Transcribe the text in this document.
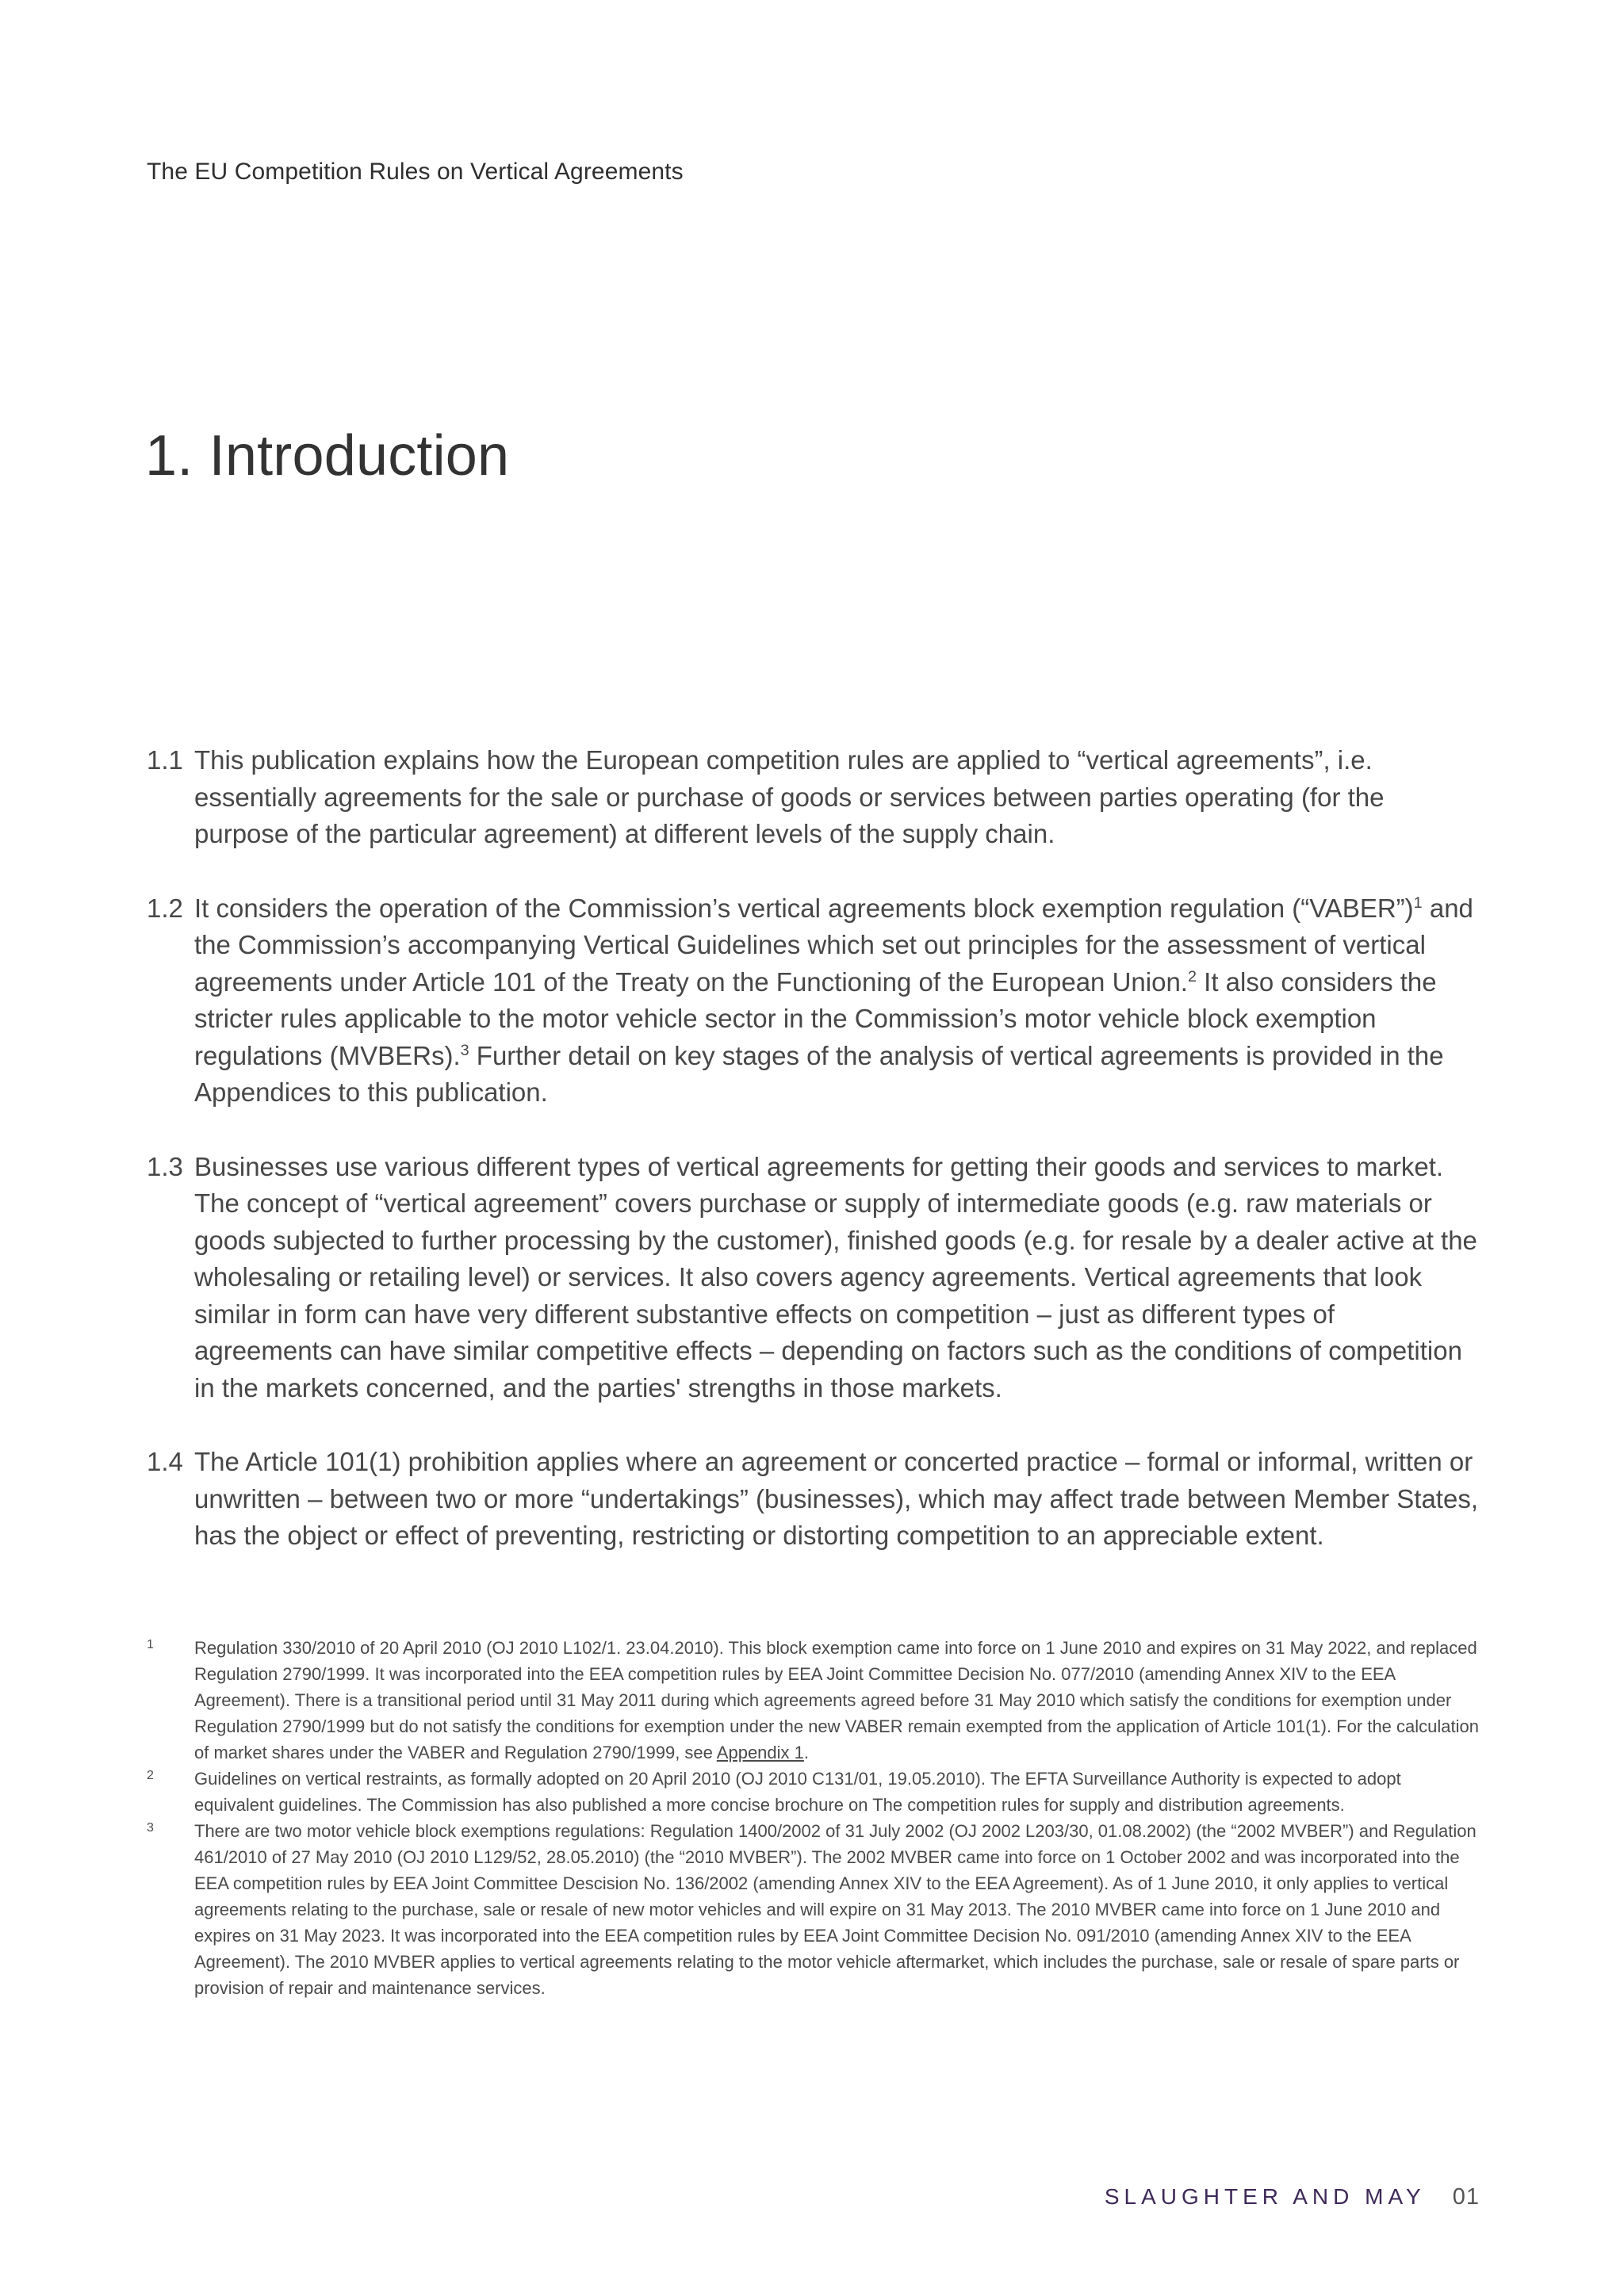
The EU Competition Rules on Vertical Agreements
1. Introduction

1.1 This publication explains how the European competition rules are applied to “vertical agreements”, i.e. essentially agreements for the sale or purchase of goods or services between parties operating (for the purpose of the particular agreement) at different levels of the supply chain.

1.2 It considers the operation of the Commission’s vertical agreements block exemption regulation (“VABER”)$^1$ and the Commission’s accompanying Vertical Guidelines which set out principles for the assessment of vertical agreements under Article 101 of the Treaty on the Functioning of the European Union.$^2$ It also considers the stricter rules applicable to the motor vehicle sector in the Commission’s motor vehicle block exemption regulations (MVBERs).$^3$ Further detail on key stages of the analysis of vertical agreements is provided in the Appendices to this publication.

1.3 Businesses use various different types of vertical agreements for getting their goods and services to market. The concept of “vertical agreement” covers purchase or supply of intermediate goods (e.g. raw materials or goods subjected to further processing by the customer), finished goods (e.g. for resale by a dealer active at the wholesaling or retailing level) or services. It also covers agency agreements. Vertical agreements that look similar in form can have very different substantive effects on competition – just as different types of agreements can have similar competitive effects – depending on factors such as the conditions of competition in the markets concerned, and the parties' strengths in those markets.

1.4 The Article 101(1) prohibition applies where an agreement or concerted practice – formal or informal, written or unwritten – between two or more “undertakings” (businesses), which may affect trade between Member States, has the object or effect of preventing, restricting or distorting competition to an appreciable extent.

1 Regulation 330/2010 of 20 April 2010 (OJ 2010 L102/1. 23.04.2010). This block exemption came into force on 1 June 2010 and expires on 31 May 2022, and replaced Regulation 2790/1999. It was incorporated into the EEA competition rules by EEA Joint Committee Decision No. 077/2010 (amending Annex XIV to the EEA Agreement). There is a transitional period until 31 May 2011 during which agreements agreed before 31 May 2010 which satisfy the conditions for exemption under Regulation 2790/1999 but do not satisfy the conditions for exemption under the new VABER remain exempted from the application of Article 101(1). For the calculation of market shares under the VABER and Regulation 2790/1999, see Appendix 1.

2 Guidelines on vertical restraints, as formally adopted on 20 April 2010 (OJ 2010 C131/01, 19.05.2010). The EFTA Surveillance Authority is expected to adopt equivalent guidelines. The Commission has also published a more concise brochure on The competition rules for supply and distribution agreements.

3 There are two motor vehicle block exemptions regulations: Regulation 1400/2002 of 31 July 2002 (OJ 2002 L203/30, 01.08.2002) (the “2002 MVBER”) and Regulation 461/2010 of 27 May 2010 (OJ 2010 L129/52, 28.05.2010) (the “2010 MVBER”). The 2002 MVBER came into force on 1 October 2002 and was incorporated into the EEA competition rules by EEA Joint Committee Descision No. 136/2002 (amending Annex XIV to the EEA Agreement). As of 1 June 2010, it only applies to vertical agreements relating to the purchase, sale or resale of new motor vehicles and will expire on 31 May 2013. The 2010 MVBER came into force on 1 June 2010 and expires on 31 May 2023. It was incorporated into the EEA competition rules by EEA Joint Committee Decision No. 091/2010 (amending Annex XIV to the EEA Agreement). The 2010 MVBER applies to vertical agreements relating to the motor vehicle aftermarket, which includes the purchase, sale or resale of spare parts or provision of repair and maintenance services.

SLAUGHTER AND MAY 01
